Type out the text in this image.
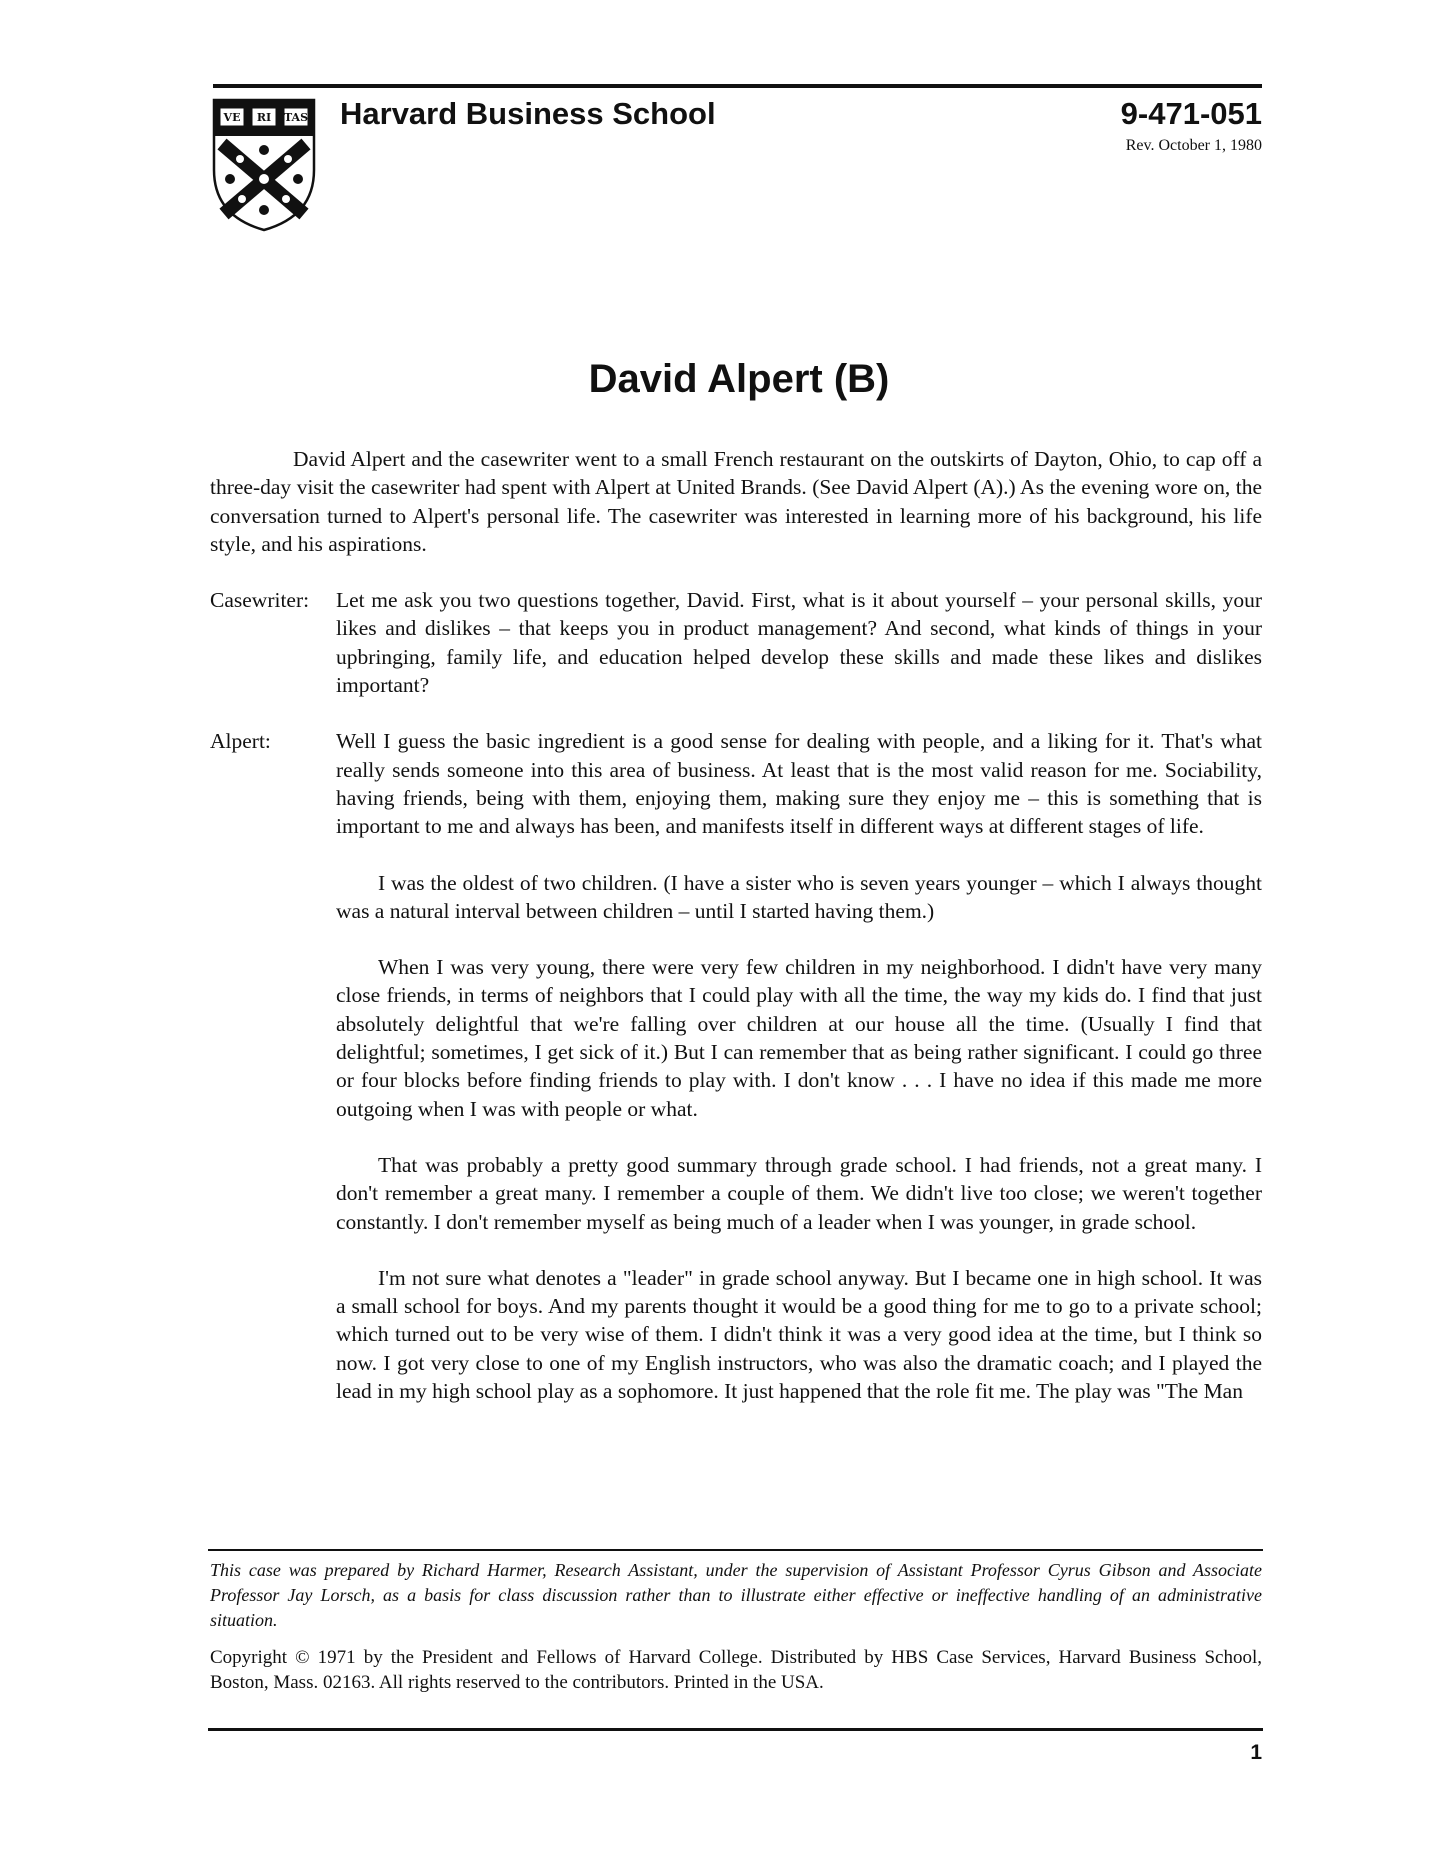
VE RI TAS Harvard Business School	9-471-051
Rev. October 1, 1980
David Alpert (B)

David Alpert and the casewriter went to a small French restaurant on the outskirts of Dayton, Ohio, to cap off a three-day visit the casewriter had spent with Alpert at United Brands. (See David Alpert (A).) As the evening wore on, the conversation turned to Alpert's personal life. The casewriter was interested in learning more of his background, his life style, and his aspirations.

Casewriter:	Let me ask you two questions together, David. First, what is it about yourself – your personal skills, your likes and dislikes – that keeps you in product management? And second, what kinds of things in your upbringing, family life, and education helped develop these skills and made these likes and dislikes important?

Alpert:	Well I guess the basic ingredient is a good sense for dealing with people, and a liking for it. That's what really sends someone into this area of business. At least that is the most valid reason for me. Sociability, having friends, being with them, enjoying them, making sure they enjoy me – this is something that is important to me and always has been, and manifests itself in different ways at different stages of life.

I was the oldest of two children. (I have a sister who is seven years younger – which I always thought was a natural interval between children – until I started having them.)

When I was very young, there were very few children in my neighborhood. I didn't have very many close friends, in terms of neighbors that I could play with all the time, the way my kids do. I find that just absolutely delightful that we're falling over children at our house all the time. (Usually I find that delightful; sometimes, I get sick of it.) But I can remember that as being rather significant. I could go three or four blocks before finding friends to play with. I don't know . . . I have no idea if this made me more outgoing when I was with people or what.

That was probably a pretty good summary through grade school. I had friends, not a great many. I don't remember a great many. I remember a couple of them. We didn't live too close; we weren't together constantly. I don't remember myself as being much of a leader when I was younger, in grade school.

I'm not sure what denotes a "leader" in grade school anyway. But I became one in high school. It was a small school for boys. And my parents thought it would be a good thing for me to go to a private school; which turned out to be very wise of them. I didn't think it was a very good idea at the time, but I think so now. I got very close to one of my English instructors, who was also the dramatic coach; and I played the lead in my high school play as a sophomore. It just happened that the role fit me. The play was "The Man

This case was prepared by Richard Harmer, Research Assistant, under the supervision of Assistant Professor Cyrus Gibson and Associate Professor Jay Lorsch, as a basis for class discussion rather than to illustrate either effective or ineffective handling of an administrative situation.

Copyright © 1971 by the President and Fellows of Harvard College. Distributed by HBS Case Services, Harvard Business School, Boston, Mass. 02163. All rights reserved to the contributors. Printed in the USA.

1
